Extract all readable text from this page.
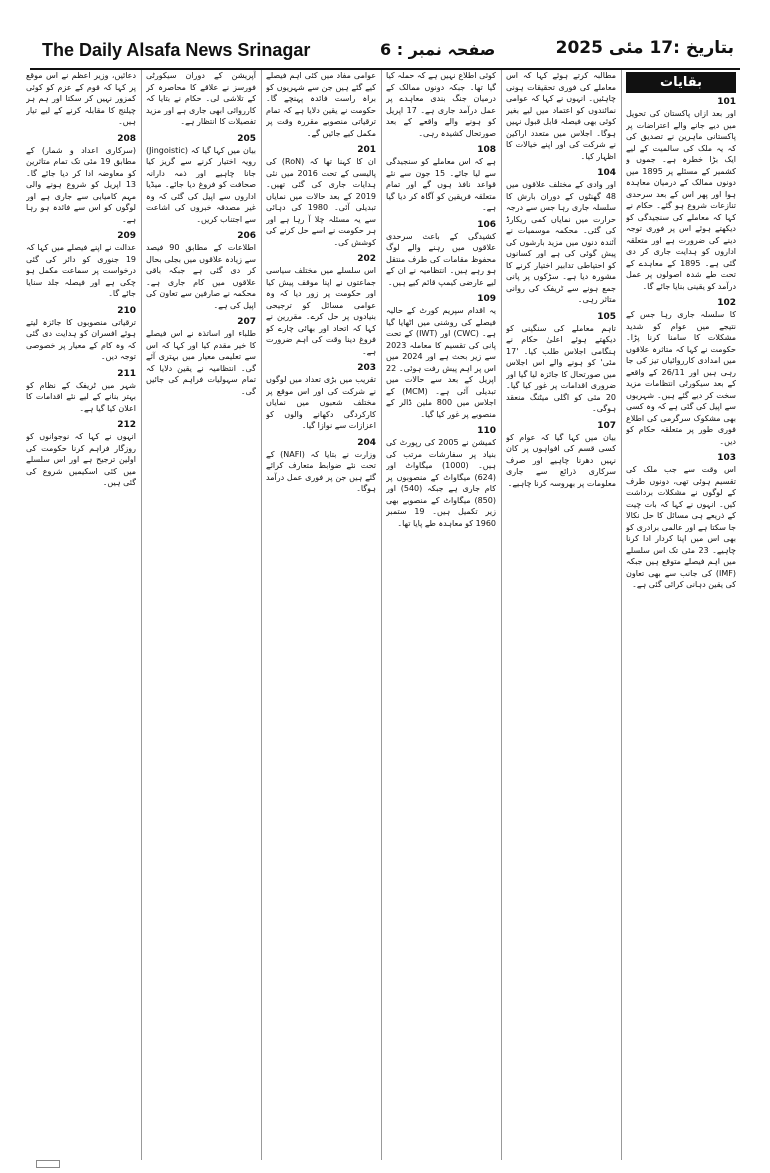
The Daily Alsafa News Srinagar	صفحہ نمبر : 6	بتاریخ :17 مئی 2025
بقایات
101
اور بعد ازاں پاکستان کی تحویل میں دیے جانے والے اعتراضات پر پاکستانی ماہرین نے تصدیق کی کہ یہ ملک کی سالمیت کے لیے ایک بڑا خطرہ ہے۔ جموں و کشمیر کے مسئلے پر 1895 میں دونوں ممالک کے درمیان معاہدہ ہوا اور پھر اس کے بعد سرحدی تنازعات شروع ہو گئے۔ حکام نے کہا کہ معاملے کی سنجیدگی کو دیکھتے ہوئے اس پر فوری توجہ دینے کی ضرورت ہے اور متعلقہ اداروں کو ہدایت جاری کر دی گئی ہے۔ 1895 کے معاہدے کے تحت طے شدہ اصولوں پر عمل درآمد کو یقینی بنایا جائے گا۔
102
کا سلسلہ جاری رہا جس کے نتیجے میں عوام کو شدید مشکلات کا سامنا کرنا پڑا۔ حکومت نے کہا کہ متاثرہ علاقوں میں امدادی کارروائیاں تیز کی جا رہی ہیں اور 26/11 کے واقعے کے بعد سیکورٹی انتظامات مزید سخت کر دیے گئے ہیں۔ شہریوں سے اپیل کی گئی ہے کہ وہ کسی بھی مشکوک سرگرمی کی اطلاع فوری طور پر متعلقہ حکام کو دیں۔
103
اس وقت سے جب ملک کی تقسیم ہوئی تھی، دونوں طرف کے لوگوں نے مشکلات برداشت کیں۔ انہوں نے کہا کہ بات چیت کے ذریعے ہی مسائل کا حل نکالا جا سکتا ہے اور عالمی برادری کو بھی اس میں اپنا کردار ادا کرنا چاہیے۔ 23 مئی تک اس سلسلے میں اہم فیصلے متوقع ہیں جبکہ (IMF) کی جانب سے بھی تعاون کی یقین دہانی کرائی گئی ہے۔
مطالبہ کرتے ہوئے کہا کہ اس معاملے کی فوری تحقیقات ہونی چاہئیں۔ انہوں نے کہا کہ عوامی نمائندوں کو اعتماد میں لیے بغیر کوئی بھی فیصلہ قابل قبول نہیں ہوگا۔ اجلاس میں متعدد اراکین نے شرکت کی اور اپنے خیالات کا اظہار کیا۔
104
اور وادی کے مختلف علاقوں میں 48 گھنٹوں کے دوران بارش کا سلسلہ جاری رہا جس سے درجہ حرارت میں نمایاں کمی ریکارڈ کی گئی۔ محکمہ موسمیات نے آئندہ دنوں میں مزید بارشوں کی پیش گوئی کی ہے اور کسانوں کو احتیاطی تدابیر اختیار کرنے کا مشورہ دیا ہے۔ سڑکوں پر پانی جمع ہونے سے ٹریفک کی روانی متاثر رہی۔
105
تاہم معاملے کی سنگینی کو دیکھتے ہوئے اعلیٰ حکام نے ہنگامی اجلاس طلب کیا۔ '17 مئی' کو ہونے والے اس اجلاس میں صورتحال کا جائزہ لیا گیا اور ضروری اقدامات پر غور کیا گیا۔ 20 مئی کو اگلی میٹنگ منعقد ہوگی۔
107
بیان میں کہا گیا کہ عوام کو کسی قسم کی افواہوں پر کان نہیں دھرنا چاہیے اور صرف سرکاری ذرائع سے جاری معلومات پر بھروسہ کرنا چاہیے۔
کوئی اطلاع نہیں ہے کہ حملہ کیا گیا تھا۔ جبکہ دونوں ممالک کے درمیان جنگ بندی معاہدے پر عمل درآمد جاری ہے۔ 17 اپریل کو ہونے والے واقعے کے بعد صورتحال کشیدہ رہی۔
108
ہے کہ اس معاملے کو سنجیدگی سے لیا جائے۔ 15 جون سے نئے قواعد نافذ ہوں گے اور تمام متعلقہ فریقین کو آگاہ کر دیا گیا ہے۔
106
کشیدگی کے باعث سرحدی علاقوں میں رہنے والے لوگ محفوظ مقامات کی طرف منتقل ہو رہے ہیں۔ انتظامیہ نے ان کے لیے عارضی کیمپ قائم کیے ہیں۔
109
یہ اقدام سپریم کورٹ کے حالیہ فیصلے کی روشنی میں اٹھایا گیا ہے۔ (CWC) اور (IWT) کے تحت پانی کی تقسیم کا معاملہ 2023 سے زیر بحث ہے اور 2024 میں اس پر اہم پیش رفت ہوئی۔ 22 اپریل کے بعد سے حالات میں تبدیلی آئی ہے۔ (MCM) کے اجلاس میں 800 ملین ڈالر کے منصوبے پر غور کیا گیا۔
110
کمیشن نے 2005 کی رپورٹ کی بنیاد پر سفارشات مرتب کی ہیں۔ (1000) میگاواٹ اور (624) میگاواٹ کے منصوبوں پر کام جاری ہے جبکہ (540) اور (850) میگاواٹ کے منصوبے بھی زیر تکمیل ہیں۔ 19 ستمبر 1960 کو معاہدہ طے پایا تھا۔
عوامی مفاد میں کئی اہم فیصلے کیے گئے ہیں جن سے شہریوں کو براہ راست فائدہ پہنچے گا۔ حکومت نے یقین دلایا ہے کہ تمام ترقیاتی منصوبے مقررہ وقت پر مکمل کیے جائیں گے۔
201
ان کا کہنا تھا کہ (RoN) کی پالیسی کے تحت 2016 میں نئی ہدایات جاری کی گئی تھیں۔ 2019 کے بعد حالات میں نمایاں تبدیلی آئی۔ 1980 کی دہائی سے یہ مسئلہ چلا آ رہا ہے اور ہر حکومت نے اسے حل کرنے کی کوشش کی۔
202
اس سلسلے میں مختلف سیاسی جماعتوں نے اپنا موقف پیش کیا اور حکومت پر زور دیا کہ وہ عوامی مسائل کو ترجیحی بنیادوں پر حل کرے۔ مقررین نے کہا کہ اتحاد اور بھائی چارے کو فروغ دینا وقت کی اہم ضرورت ہے۔
203
تقریب میں بڑی تعداد میں لوگوں نے شرکت کی اور اس موقع پر مختلف شعبوں میں نمایاں کارکردگی دکھانے والوں کو اعزازات سے نوازا گیا۔
204
وزارت نے بتایا کہ (NAFI) کے تحت نئے ضوابط متعارف کرائے گئے ہیں جن پر فوری عمل درآمد ہوگا۔
آپریشن کے دوران سیکورٹی فورسز نے علاقے کا محاصرہ کر کے تلاشی لی۔ حکام نے بتایا کہ کارروائی ابھی جاری ہے اور مزید تفصیلات کا انتظار ہے۔
205
بیان میں کہا گیا کہ (Jingoistic) رویہ اختیار کرنے سے گریز کیا جانا چاہیے اور ذمہ دارانہ صحافت کو فروغ دیا جائے۔ میڈیا اداروں سے اپیل کی گئی کہ وہ غیر مصدقہ خبروں کی اشاعت سے اجتناب کریں۔
206
اطلاعات کے مطابق 90 فیصد سے زیادہ علاقوں میں بجلی بحال کر دی گئی ہے جبکہ باقی علاقوں میں کام جاری ہے۔ محکمہ نے صارفین سے تعاون کی اپیل کی ہے۔
207
طلباء اور اساتذہ نے اس فیصلے کا خیر مقدم کیا اور کہا کہ اس سے تعلیمی معیار میں بہتری آئے گی۔ انتظامیہ نے یقین دلایا کہ تمام سہولیات فراہم کی جائیں گی۔
دعائیں، وزیر اعظم نے اس موقع پر کہا کہ قوم کے عزم کو کوئی کمزور نہیں کر سکتا اور ہم ہر چیلنج کا مقابلہ کرنے کے لیے تیار ہیں۔
208
(سرکاری اعداد و شمار) کے مطابق 19 مئی تک تمام متاثرین کو معاوضہ ادا کر دیا جائے گا۔ 13 اپریل کو شروع ہونے والی مہم کامیابی سے جاری ہے اور لوگوں کو اس سے فائدہ ہو رہا ہے۔
209
عدالت نے اپنے فیصلے میں کہا کہ 19 جنوری کو دائر کی گئی درخواست پر سماعت مکمل ہو چکی ہے اور فیصلہ جلد سنایا جائے گا۔
210
ترقیاتی منصوبوں کا جائزہ لیتے ہوئے افسران کو ہدایت دی گئی کہ وہ کام کے معیار پر خصوصی توجہ دیں۔
211
شہر میں ٹریفک کے نظام کو بہتر بنانے کے لیے نئے اقدامات کا اعلان کیا گیا ہے۔
212
انہوں نے کہا کہ نوجوانوں کو روزگار فراہم کرنا حکومت کی اولین ترجیح ہے اور اس سلسلے میں کئی اسکیمیں شروع کی گئی ہیں۔
